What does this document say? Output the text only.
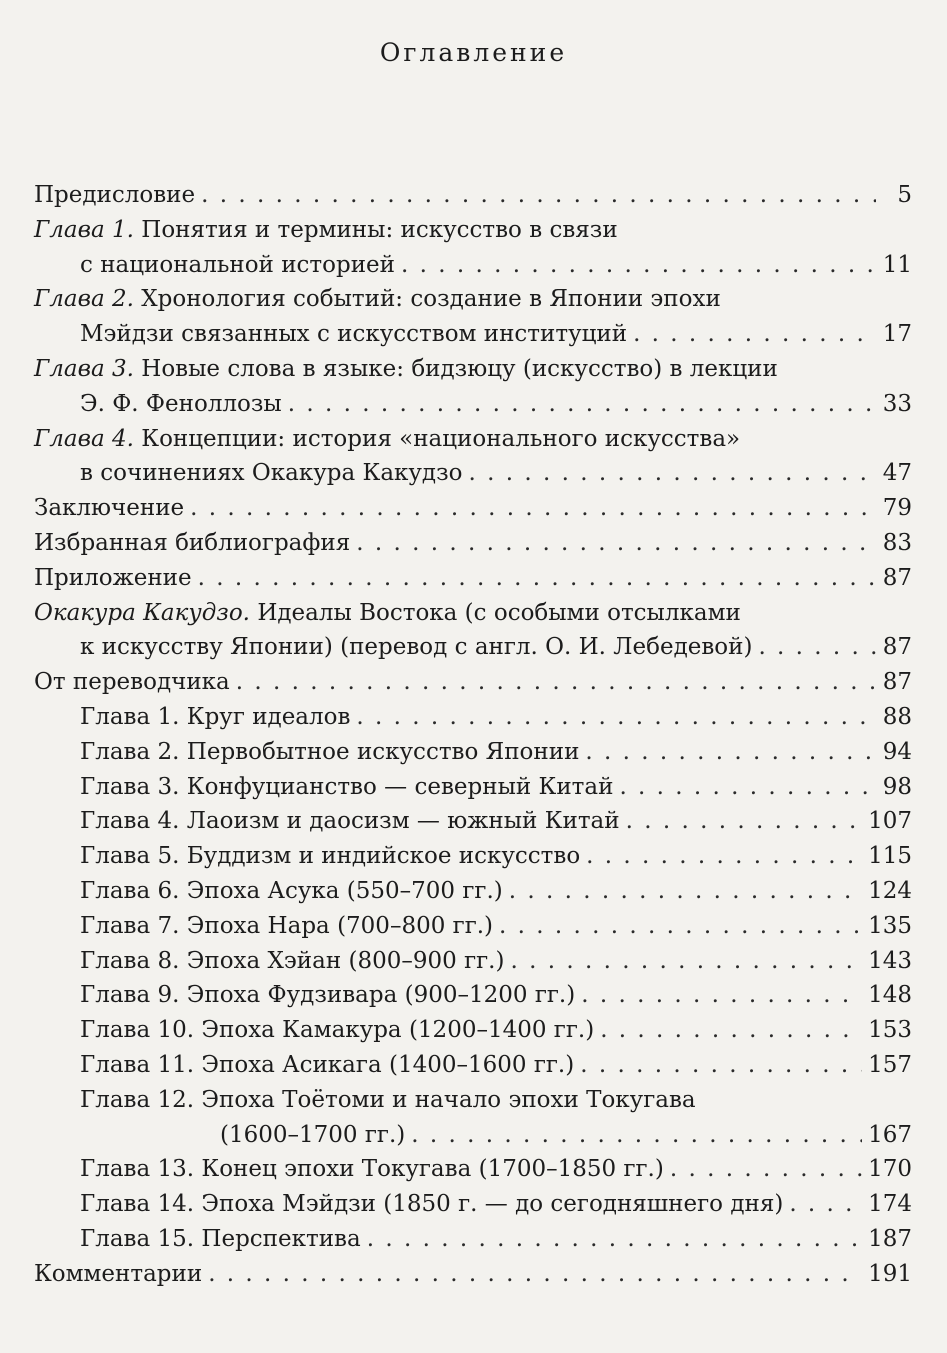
Оглавление
Предисловие . . .	5
Глава 1.
Понятия и термины: искусство в связи
с национальной историей . . .	11
Глава 2.
Хронология событий: создание в Японии эпохи
Мэйдзи связанных с искусством институций . . .	17
Глава 3.
Новые слова в языке: бидзюцу (искусство) в лекции
Э. Ф. Феноллозы . . .	33
Глава 4.
Концепции: история «национального искусства»
в сочинениях Окакура Какудзо . . .	47
Заключение . . .	79
Избранная библиография . . .	83
Приложение . . .	87
Окакура Какудзо.
Идеалы Востока (с особыми отсылками
к искусству Японии) (перевод с англ. О. И. Лебедевой) . . .	87
От переводчика . . .	87
Глава 1. Круг идеалов . . .	88
Глава 2. Первобытное искусство Японии . . .	94
Глава 3. Конфуцианство — северный Китай . . .	98
Глава 4. Лаоизм и даосизм — южный Китай . . .	107
Глава 5. Буддизм и индийское искусство . . .	115
Глава 6. Эпоха Асука (550–700 гг.) . . .	124
Глава 7. Эпоха Нара (700–800 гг.) . . .	135
Глава 8. Эпоха Хэйан (800–900 гг.) . . .	143
Глава 9. Эпоха Фудзивара (900–1200 гг.) . . .	148
Глава 10. Эпоха Камакура (1200–1400 гг.) . . .	153
Глава 11. Эпоха Асикага (1400–1600 гг.) . . .	157
Глава 12. Эпоха Тоётоми и начало эпохи Токугава
(1600–1700 гг.) . . .	167
Глава 13. Конец эпохи Токугава (1700–1850 гг.) . . .	170
Глава 14. Эпоха Мэйдзи (1850 г. — до сегодняшнего дня) . . .	174
Глава 15. Перспектива . . .	187
Комментарии . . .	191
